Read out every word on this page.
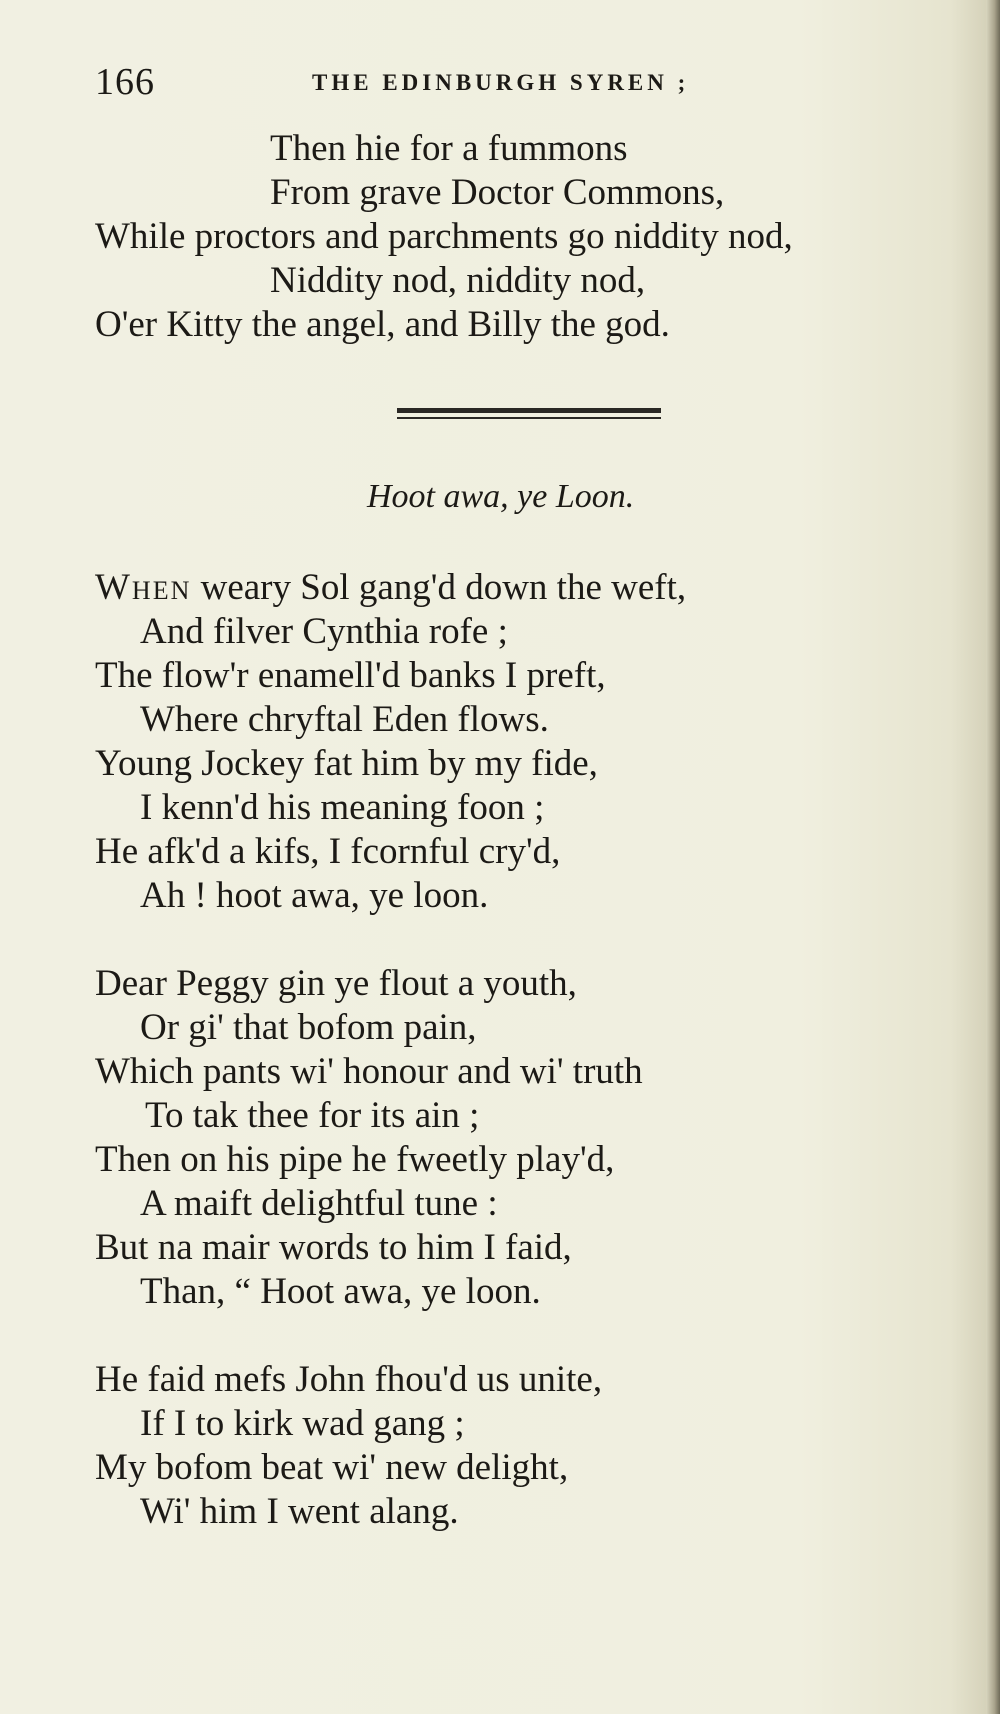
166	THE EDINBURGH SYREN ;
Then hie for a fummons
From grave Doctor Commons,
While proctors and parchments go niddity nod,
Niddity nod, niddity nod,
O'er Kitty the angel, and Billy the god.
Hoot awa, ye Loon.
When weary Sol gang'd down the weft,
And filver Cynthia rofe ;
The flow'r enamell'd banks I preft,
Where chryftal Eden flows.
Young Jockey fat him by my fide,
I kenn'd his meaning foon ;
He afk'd a kifs, I fcornful cry'd,
Ah ! hoot awa, ye loon.
Dear Peggy gin ye flout a youth,
Or gi' that bofom pain,
Which pants wi' honour and wi' truth
To tak thee for its ain ;
Then on his pipe he fweetly play'd,
A maift delightful tune :
But na mair words to him I faid,
Than, “ Hoot awa, ye loon.
He faid mefs John fhou'd us unite,
If I to kirk wad gang ;
My bofom beat wi' new delight,
Wi' him I went alang.
